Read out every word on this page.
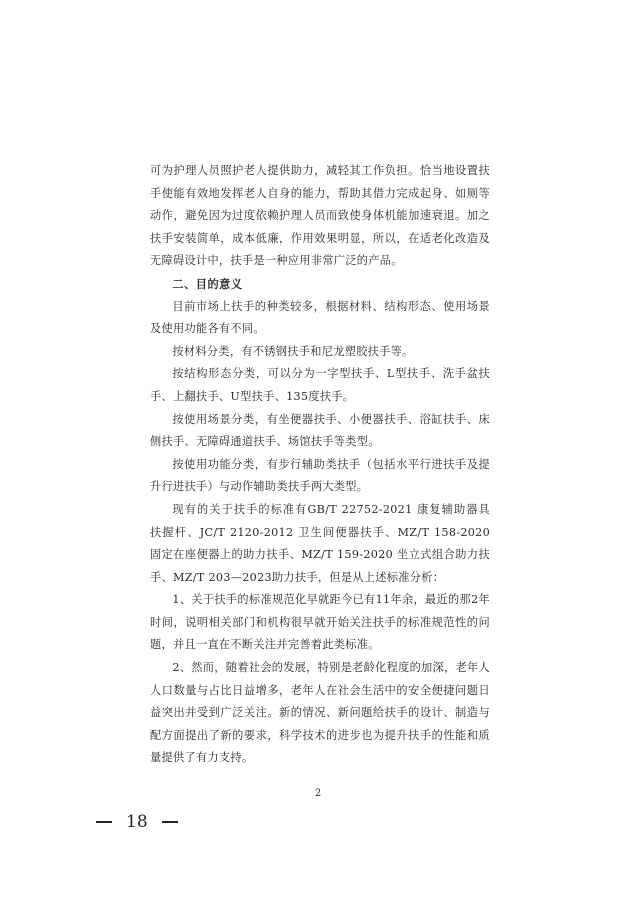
可为护理人员照护老人提供助力，减轻其工作负担。恰当地设置扶手使能有效地发挥老人自身的能力，帮助其借力完成起身、如厕等动作，避免因为过度依赖护理人员而致使身体机能加速衰退。加之扶手安装简单，成本低廉，作用效果明显，所以，在适老化改造及无障碍设计中，扶手是一种应用非常广泛的产品。

二、目的意义

目前市场上扶手的种类较多，根据材料、结构形态、使用场景及使用功能各有不同。

按材料分类，有不锈钢扶手和尼龙塑胶扶手等。

按结构形态分类，可以分为一字型扶手、L型扶手、洗手盆扶手、上翻扶手、U型扶手、135度扶手。

按使用场景分类，有坐便器扶手、小便器扶手、浴缸扶手、床侧扶手、无障碍通道扶手、场馆扶手等类型。

按使用功能分类，有步行辅助类扶手（包括水平行进扶手及提升行进扶手）与动作辅助类扶手两大类型。

现有的关于扶手的标准有GB/T 22752-2021 康复辅助器具 扶握杆、JC/T 2120-2012 卫生间便器扶手、MZ/T 158-2020 固定在座便器上的助力扶手、MZ/T 159-2020 坐立式组合助力扶手、MZ/T 203—2023助力扶手，但是从上述标准分析：

1、关于扶手的标准规范化早就距今已有11年余，最近的那2年时间，说明相关部门和机构很早就开始关注扶手的标准规范性的问题，并且一直在不断关注并完善着此类标准。

2、然而，随着社会的发展，特别是老龄化程度的加深，老年人人口数量与占比日益增多，老年人在社会生活中的安全便捷问题日益突出并受到广泛关注。新的情况、新问题给扶手的设计、制造与配方面提出了新的要求，科学技术的进步也为提升扶手的性能和质量提供了有力支持。

2
18
